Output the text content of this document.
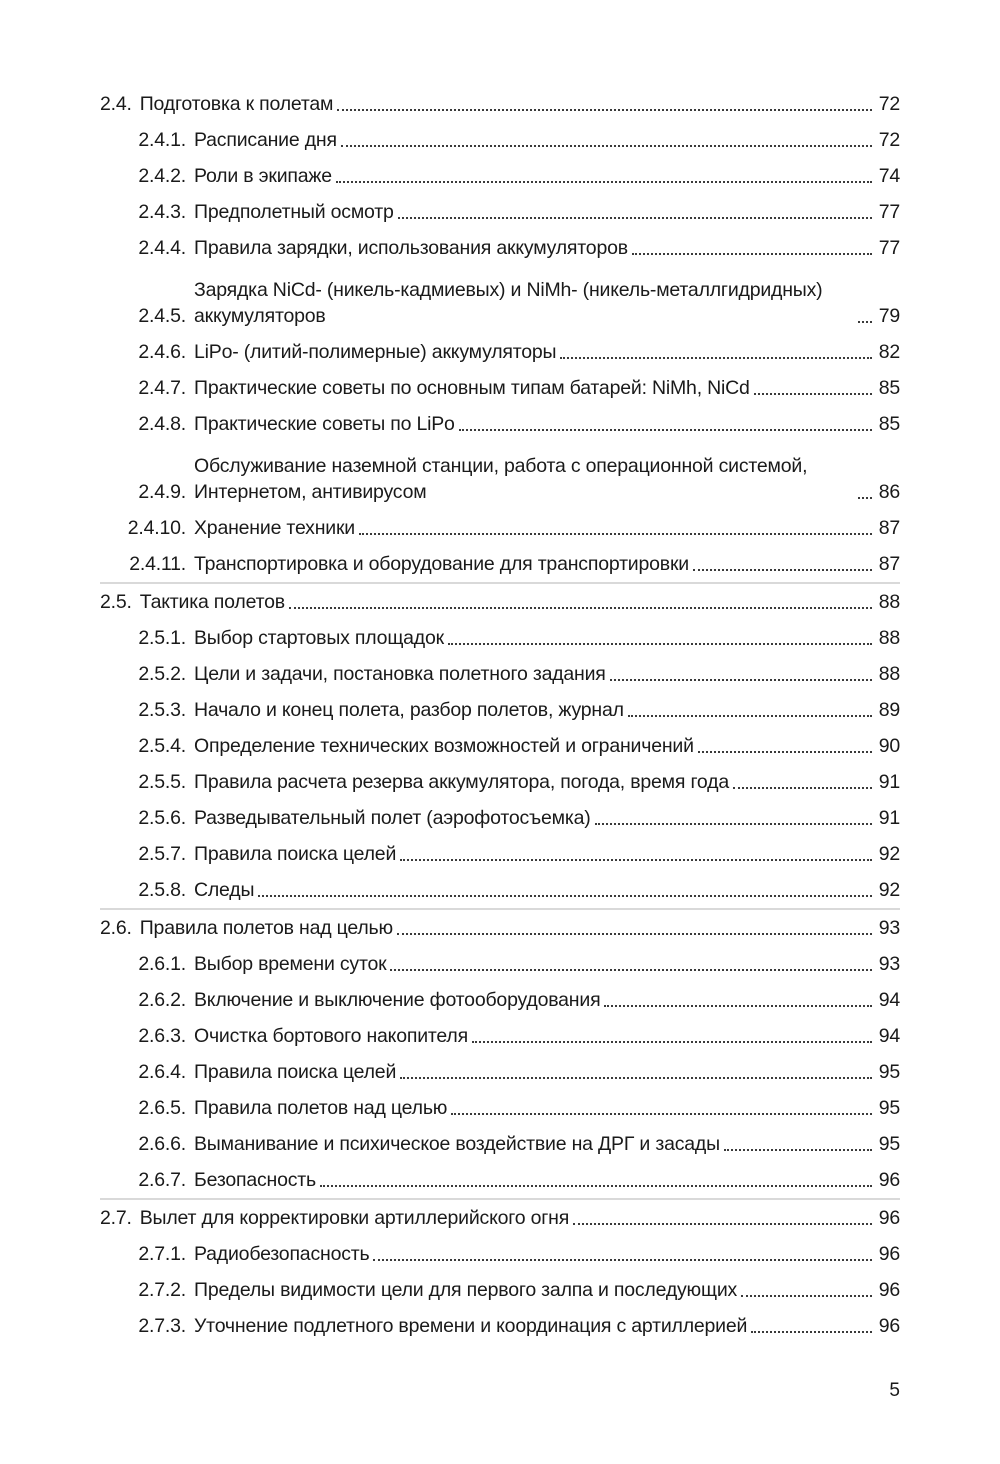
2.4. Подготовка к полетам	72
2.4.1. Расписание дня	72
2.4.2. Роли в экипаже	74
2.4.3. Предполетный осмотр	77
2.4.4. Правила зарядки, использования аккумуляторов	77
2.4.5.
Зарядка NiCd- (никель-кадмиевых) и NiMh- (никель-металлгидридных) аккумуляторов	79
2.4.6. LiPo- (литий-полимерные) аккумуляторы	82
2.4.7. Практические советы по основным типам батарей: NiMh, NiCd	85
2.4.8. Практические советы по LiPo	85
2.4.9.
Обслуживание наземной станции, работа с операционной системой, Интернетом, антивирусом	86
2.4.10. Хранение техники	87
2.4.11. Транспортировка и оборудование для транспортировки	87
2.5. Тактика полетов	88
2.5.1. Выбор стартовых площадок	88
2.5.2. Цели и задачи, постановка полетного задания	88
2.5.3. Начало и конец полета, разбор полетов, журнал	89
2.5.4. Определение технических возможностей и ограничений	90
2.5.5. Правила расчета резерва аккумулятора, погода, время года	91
2.5.6. Разведывательный полет (аэрофотосъемка)	91
2.5.7. Правила поиска целей	92
2.5.8. Следы	92
2.6. Правила полетов над целью	93
2.6.1. Выбор времени суток	93
2.6.2. Включение и выключение фотооборудования	94
2.6.3. Очистка бортового накопителя	94
2.6.4. Правила поиска целей	95
2.6.5. Правила полетов над целью	95
2.6.6. Выманивание и психическое воздействие на ДРГ и засады	95
2.6.7. Безопасность	96
2.7. Вылет для корректировки артиллерийского огня	96
2.7.1. Радиобезопасность	96
2.7.2. Пределы видимости цели для первого залпа и последующих	96
2.7.3. Уточнение подлетного времени и координация с артиллерией	96
5
